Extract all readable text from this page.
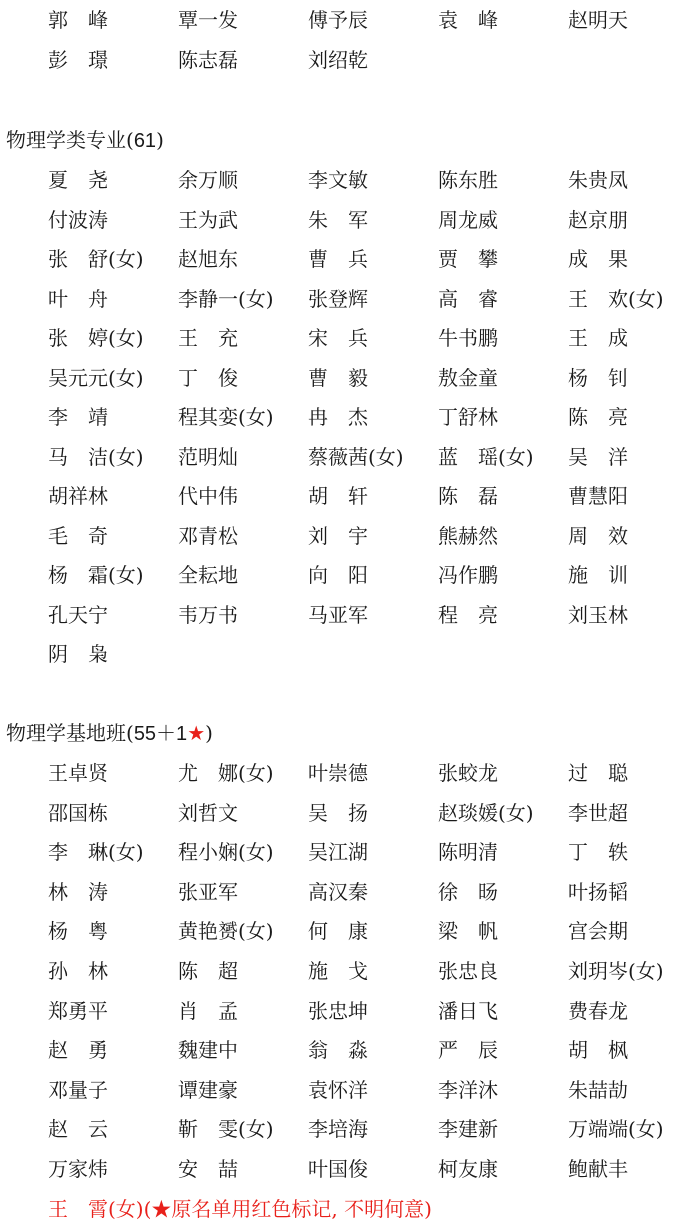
郭　峰	覃一发	傅予辰	袁　峰	赵明天
彭　璟	陈志磊	刘绍乾
物理学类专业(61)
夏　尧	余万顺	李文敏	陈东胜	朱贵凤
付波涛	王为武	朱　军	周龙威	赵京朋
张　舒(女) 赵旭东	曹　兵	贾　攀	成　果
叶　舟	李静一(女) 张登辉	高　睿	王　欢(女)
张　婷(女) 王　充	宋　兵	牛书鹏	王　成
吴元元(女) 丁　俊	曹　毅	敖金童	杨　钊
李　靖	程其娈(女) 冉　杰	丁舒林	陈　亮
马　洁(女) 范明灿	蔡薇茜(女) 蓝　瑶(女) 吴　洋
胡祥林	代中伟	胡　轩	陈　磊	曹慧阳
毛　奇	邓青松	刘　宇	熊赫然	周　效
杨　霜(女) 全耘地	向　阳	冯作鹏	施　训
孔天宁	韦万书	马亚军	程　亮	刘玉林
阴　枭
物理学基地班(55＋1★)
王卓贤	尤　娜(女) 叶崇德	张蛟龙	过　聪
邵国栋	刘哲文	吴　扬	赵琰媛(女) 李世超
李　琳(女) 程小娴(女) 吴江湖	陈明清	丁　轶
林　涛	张亚军	高汉秦	徐　旸	叶扬韬
杨　粤	黄艳赟(女) 何　康	梁　帆	宫会期
孙　林	陈　超	施　戈	张忠良	刘玥岑(女)
郑勇平	肖　孟	张忠坤	潘日飞	费春龙
赵　勇	魏建中	翁　淼	严　辰	胡　枫
邓量子	谭建豪	袁怀洋	李洋沐	朱喆劼
赵　云	靳　雯(女) 李培海	李建新	万端端(女)
万家炜	安　喆	叶国俊	柯友康	鲍献丰
王　霄(女)(★原名单用红色标记, 不明何意)
